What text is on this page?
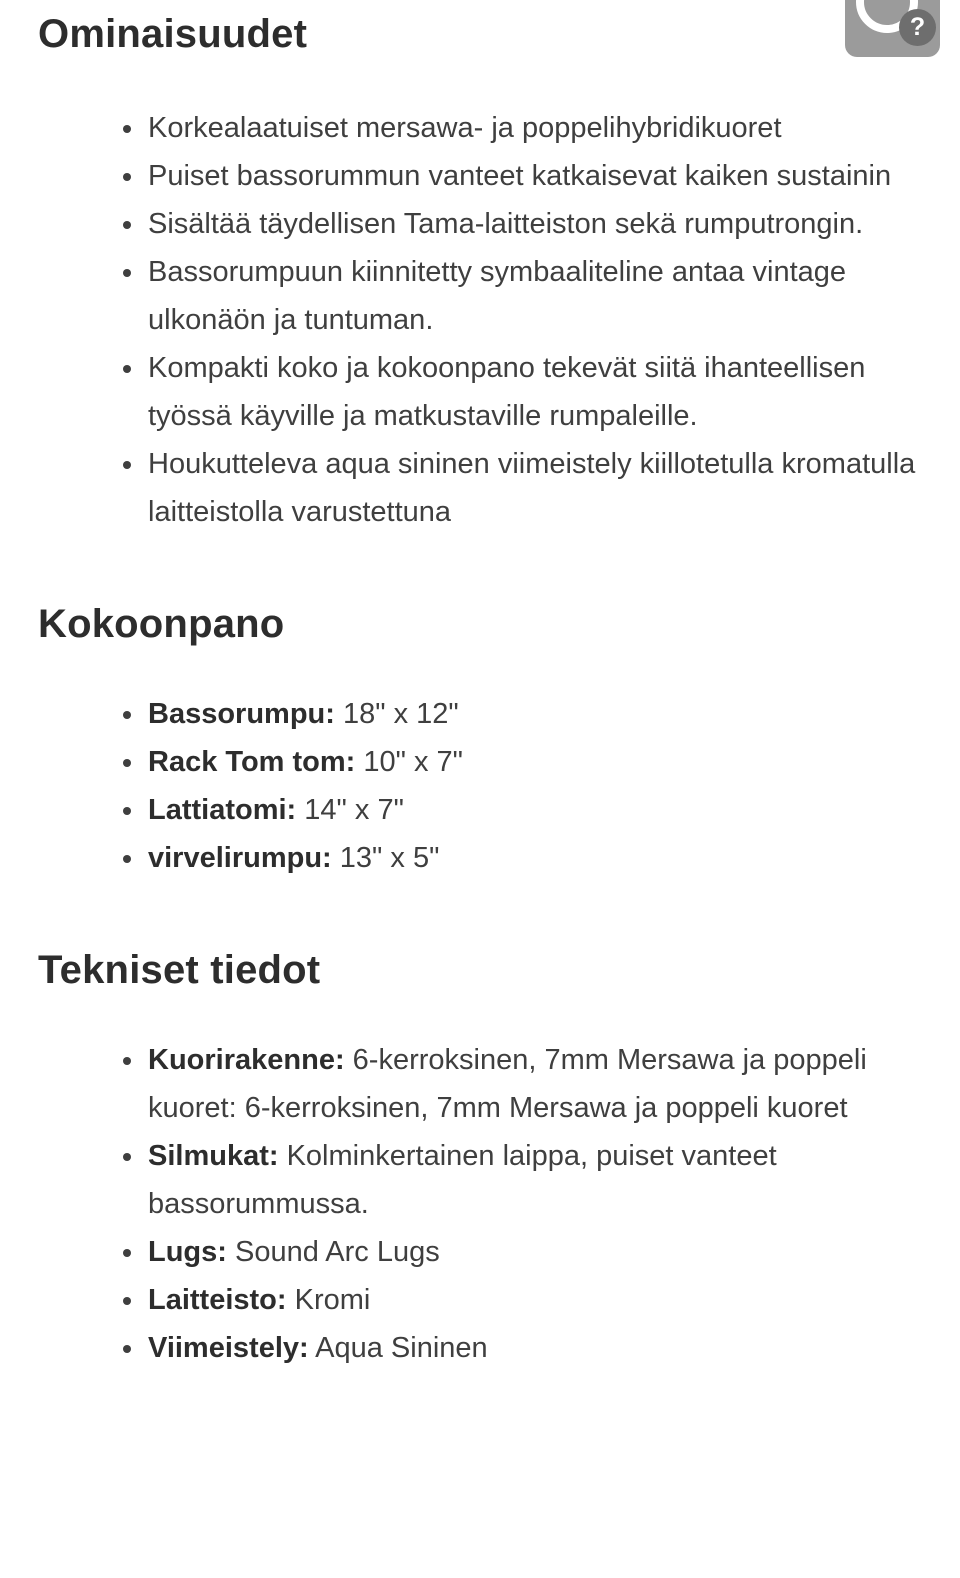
?
Ominaisuudet
• Korkealaatuiset mersawa- ja poppelihybridikuoret
• Puiset bassorummun vanteet katkaisevat kaiken sustainin
• Sisältää täydellisen Tama-laitteiston sekä rumputrongin.
• Bassorumpuun kiinnitetty symbaaliteline antaa vintage ulkonäön ja tuntuman.
• Kompakti koko ja kokoonpano tekevät siitä ihanteellisen työssä käyville ja matkustaville rumpaleille.
• Houkutteleva aqua sininen viimeistely kiillotetulla kromatulla laitteistolla varustettuna
Kokoonpano
• Bassorumpu: 18" x 12"
• Rack Tom tom: 10" x 7"
• Lattiatomi: 14" x 7"
• virvelirumpu: 13" x 5"
Tekniset tiedot
• Kuorirakenne: 6-kerroksinen, 7mm Mersawa ja poppeli kuoret: 6-kerroksinen, 7mm Mersawa ja poppeli kuoret
• Silmukat: Kolminkertainen laippa, puiset vanteet bassorummussa.
• Lugs: Sound Arc Lugs
• Laitteisto: Kromi
• Viimeistely: Aqua Sininen
